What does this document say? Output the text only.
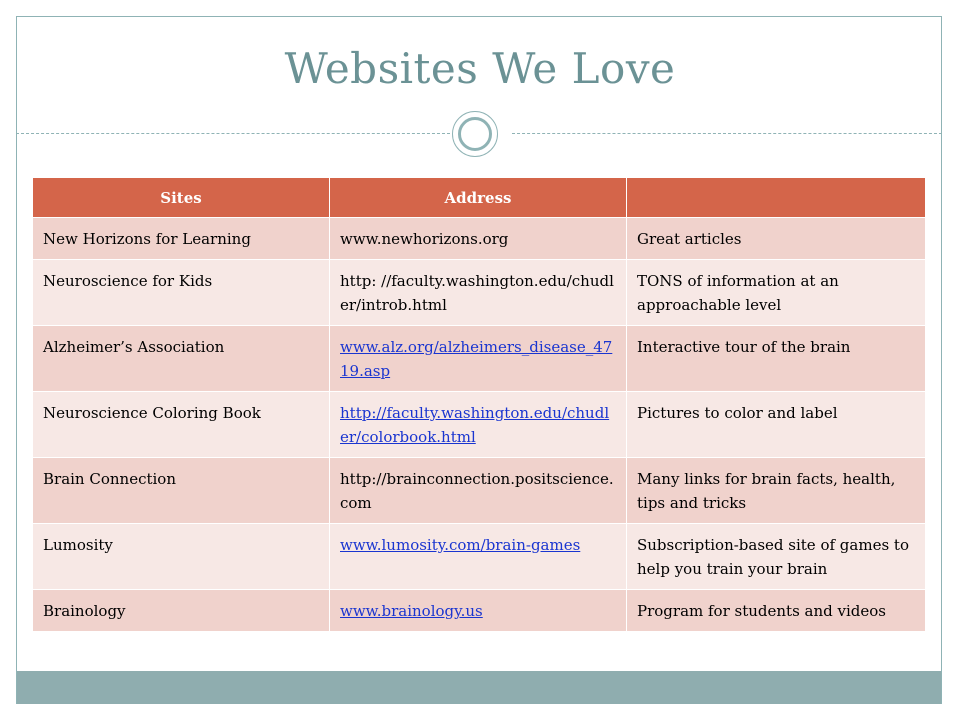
Websites We Love
Sites	Address	
New Horizons for Learning	www.newhorizons.org	Great articles
Neuroscience for Kids	http: //faculty.washington.edu/chudler/introb.html	TONS of information at an approachable level
Alzheimer’s Association	www.alz.org/alzheimers_disease_4719.asp	Interactive tour of the brain
Neuroscience Coloring Book	http://faculty.washington.edu/chudler/colorbook.html	Pictures to color and label
Brain Connection	http://brainconnection.positscience.com	Many links for brain facts, health, tips and tricks
Lumosity	www.lumosity.com/brain-games	Subscription-based site of games to help you train your brain
Brainology	www.brainology.us	Program for students and videos
